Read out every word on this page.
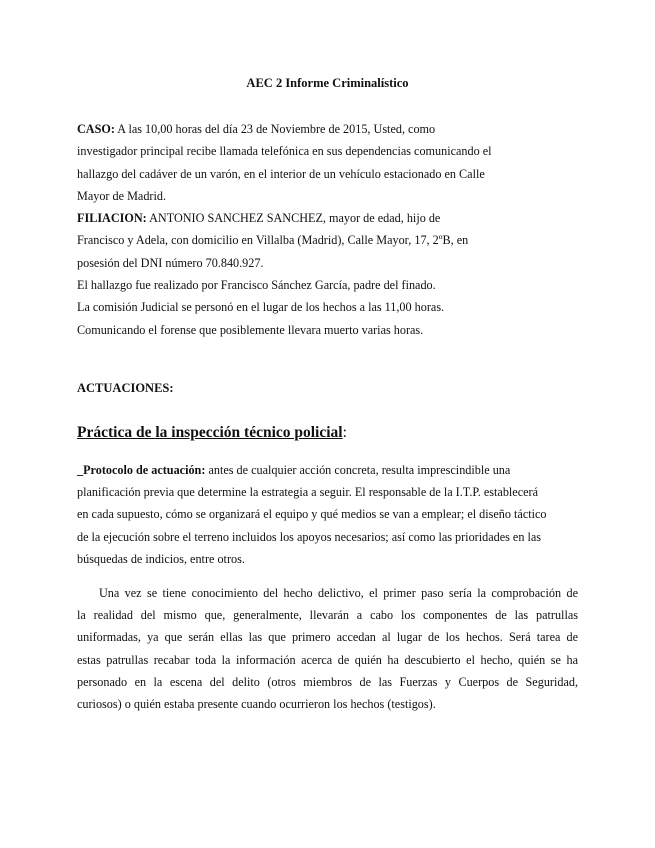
AEC 2 Informe Criminalístico
CASO: A las 10,00 horas del día 23 de Noviembre de 2015, Usted, como
investigador principal recibe llamada telefónica en sus dependencias comunicando el
hallazgo del cadáver de un varón, en el interior de un vehículo estacionado en Calle
Mayor de Madrid.
FILIACION: ANTONIO SANCHEZ SANCHEZ, mayor de edad, hijo de
Francisco y Adela, con domicilio en Villalba (Madrid), Calle Mayor, 17, 2ºB, en
posesión del DNI número 70.840.927.
El hallazgo fue realizado por Francisco Sánchez García, padre del finado.
La comisión Judicial se personó en el lugar de los hechos a las 11,00 horas.
Comunicando el forense que posiblemente llevara muerto varias horas.
ACTUACIONES:
Práctica de la inspección técnico policial:
_Protocolo de actuación: antes de cualquier acción concreta, resulta imprescindible una
planificación previa que determine la estrategia a seguir. El responsable de la I.T.P. establecerá
en cada supuesto, cómo se organizará el equipo y qué medios se van a emplear; el diseño táctico
de la ejecución sobre el terreno incluidos los apoyos necesarios; así como las prioridades en las
búsquedas de indicios, entre otros.
Una vez se tiene conocimiento del hecho delictivo, el primer paso sería la comprobación de
la realidad del mismo que, generalmente, llevarán a cabo los componentes de las patrullas
uniformadas, ya que serán ellas las que primero accedan al lugar de los hechos. Será tarea de
estas patrullas recabar toda la información acerca de quién ha descubierto el hecho, quién se ha
personado en la escena del delito (otros miembros de las Fuerzas y Cuerpos de Seguridad,
curiosos) o quién estaba presente cuando ocurrieron los hechos (testigos).
